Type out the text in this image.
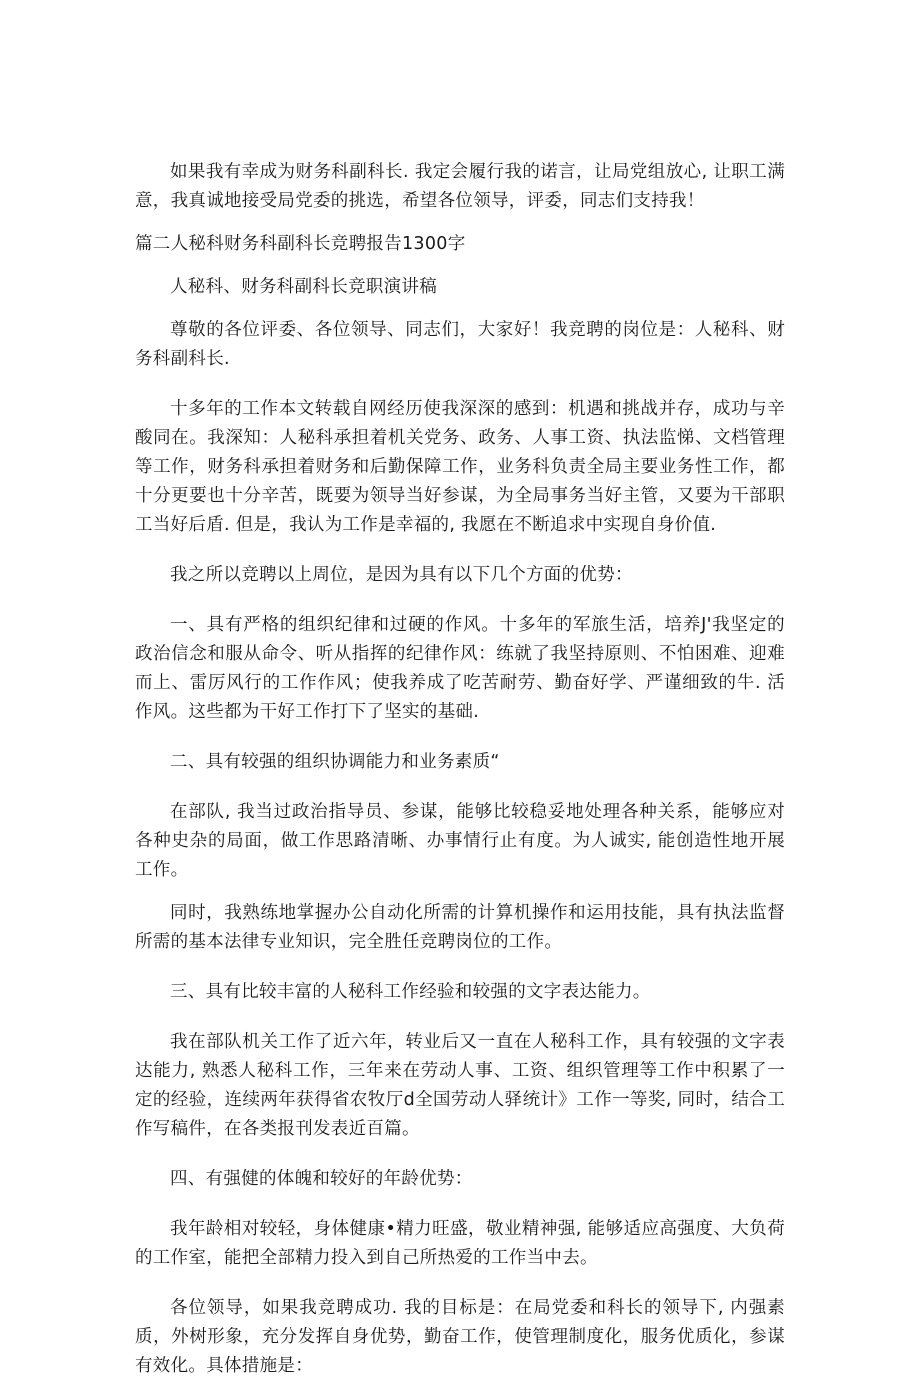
如果我有幸成为财务科副科长. 我定会履行我的诺言，让局党组放心, 让职工满意，我真诚地接受局党委的挑选，希望各位领导，评委，同志们支持我！

篇二人秘科财务科副科长竞聘报告1300字

人秘科、财务科副科长竞职演讲稿

尊敬的各位评委、各位领导、同志们，大家好！我竞聘的岗位是：人秘科、财务科副科长.

十多年的工作本文转载自网经历使我深深的感到：机遇和挑战并存，成功与辛酸同在。我深知：人秘科承担着机关党务、政务、人事工资、执法监悌、文档管理等工作，财务科承担着财务和后勤保障工作，业务科负责全局主要业务性工作，都十分更要也十分辛苦，既要为领导当好参谋，为全局事务当好主管，又要为干部职工当好后盾. 但是，我认为工作是幸福的, 我愿在不断追求中实现自身价值.

我之所以竞聘以上周位，是因为具有以下几个方面的优势：

一、具有严格的组织纪律和过硬的作风。十多年的军旅生活，培养J'我坚定的政治信念和服从命令、听从指挥的纪律作风：练就了我坚持原则、不怕困难、迎难而上、雷厉风行的工作作风；使我养成了吃苦耐劳、勤奋好学、严谨细致的牛. 活作风。这些都为干好工作打下了坚实的基础.

二、具有较强的组织协调能力和业务素质“

在部队, 我当过政治指导员、参谋，能够比较稳妥地处理各种关系，能够应对各种史杂的局面，做工作思路清晰、办事情行止有度。为人诚实, 能创造性地开展工作。

同时，我熟练地掌握办公自动化所需的计算机操作和运用技能，具有执法监督所需的基本法律专业知识，完全胜任竞聘岗位的工作。

三、具有比较丰富的人秘科工作经验和较强的文字表达能力。

我在部队机关工作了近六年，转业后又一直在人秘科工作，具有较强的文字表达能力, 熟悉人秘科工作，三年来在劳动人事、工资、组织管理等工作中积累了一定的经验，连续两年获得省农牧厅d全国劳动人驿统计》工作一等奖, 同时，结合工作写稿件，在各类报刊发表近百篇。

四、有强健的体魄和较好的年龄优势：

我年龄相对较轻，身体健康•精力旺盛，敬业精神强, 能够适应高强度、大负荷的工作室，能把全部精力投入到自己所热爱的工作当中去。

各位领导，如果我竞聘成功. 我的目标是：在局党委和科长的领导下, 内强素质，外树形象，充分发挥自身优势，勤奋工作，使管理制度化，服务优质化，参谋有效化。具体措施是：
